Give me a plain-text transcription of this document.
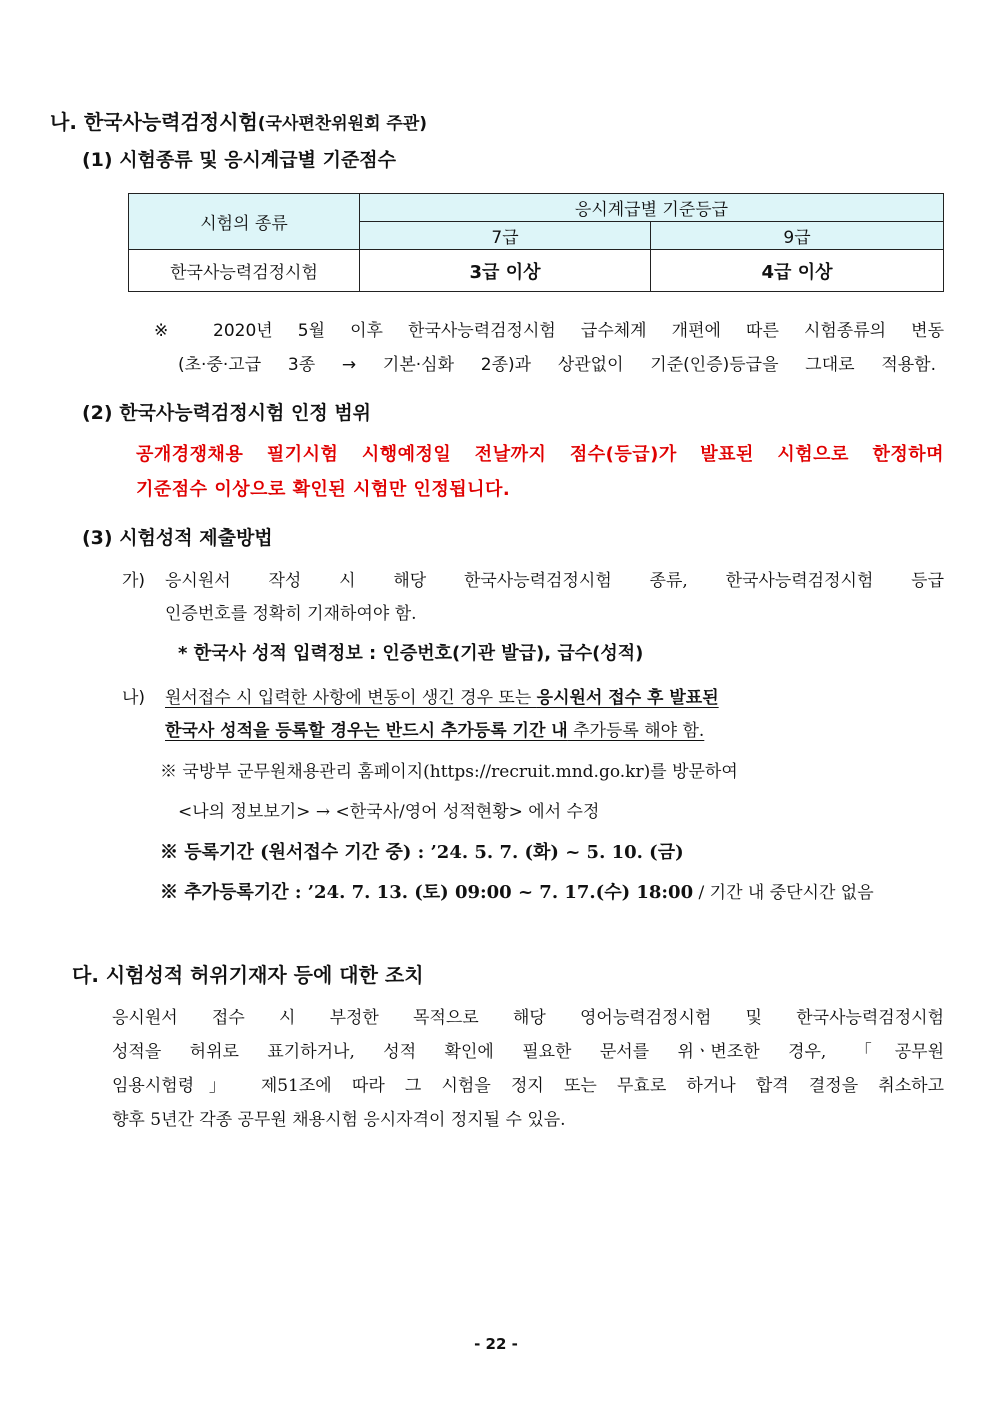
나. 한국사능력검정시험(국사편찬위원회 주관)
(1) 시험종류 및 응시계급별 기준점수
시험의 종류	응시계급별 기준등급	
	7급	9급
한국사능력검정시험	3급 이상	4급 이상
※ 2020년 5월 이후 한국사능력검정시험 급수체계 개편에 따른 시험종류의 변동
(초·중·고급 3종 → 기본·심화 2종)과 상관없이 기준(인증)등급을 그대로 적용함.
(2) 한국사능력검정시험 인정 범위
공개경쟁채용 필기시험 시행예정일 전날까지 점수(등급)가 발표된 시험으로 한정하며
기준점수 이상으로 확인된 시험만 인정됩니다.
(3) 시험성적 제출방법
가) 응시원서 작성 시 해당 한국사능력검정시험 종류, 한국사능력검정시험 등급
인증번호를 정확히 기재하여야 함.
* 한국사 성적 입력정보 : 인증번호(기관 발급), 급수(성적)
나) 원서접수 시 입력한 사항에 변동이 생긴 경우 또는 응시원서 접수 후 발표된
한국사 성적을 등록할 경우는 반드시 추가등록 기간 내 추가등록 해야 함.
※ 국방부 군무원채용관리 홈페이지(https://recruit.mnd.go.kr)를 방문하여
<나의 정보보기> → <한국사/영어 성적현황> 에서 수정
※ 등록기간 (원서접수 기간 중) : ’24. 5. 7. (화) ~ 5. 10. (금)
※ 추가등록기간 : ’24. 7. 13. (토) 09:00 ~ 7. 17.(수) 18:00 / 기간 내 중단시간 없음
다. 시험성적 허위기재자 등에 대한 조치
응시원서 접수 시 부정한 목적으로 해당 영어능력검정시험 및 한국사능력검정시험
성적을 허위로 표기하거나, 성적 확인에 필요한 문서를 위ㆍ변조한 경우, 「공무원
임용시험령」 제51조에 따라 그 시험을 정지 또는 무효로 하거나 합격 결정을 취소하고
향후 5년간 각종 공무원 채용시험 응시자격이 정지될 수 있음.
- 22 -
